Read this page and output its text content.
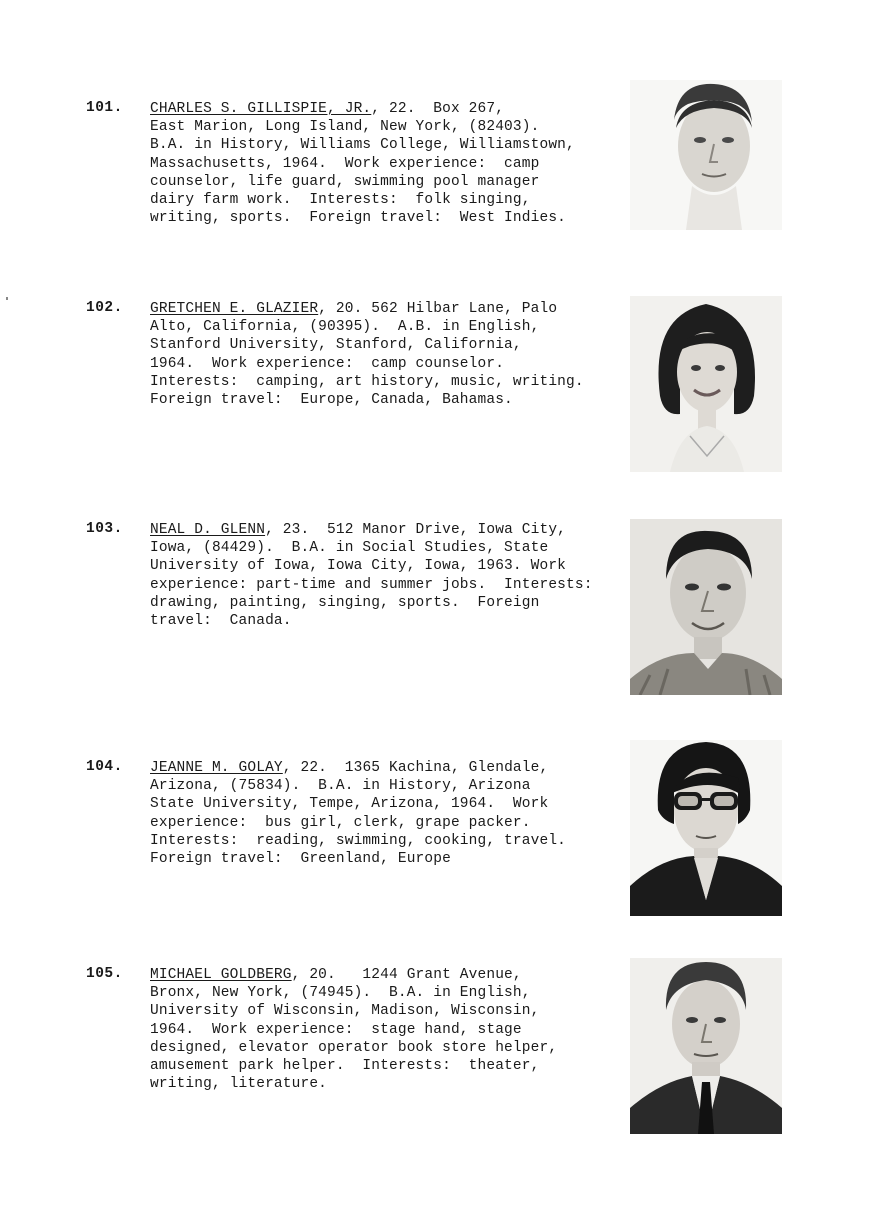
101. CHARLES S. GILLISPIE, JR., 22.  Box 267,
East Marion, Long Island, New York, (82403).
B.A. in History, Williams College, Williamstown,
Massachusetts, 1964.  Work experience:  camp
counselor, life guard, swimming pool manager
dairy farm work.  Interests:  folk singing,
writing, sports.  Foreign travel:  West Indies.
102. GRETCHEN E. GLAZIER, 20. 562 Hilbar Lane, Palo
Alto, California, (90395).  A.B. in English,
Stanford University, Stanford, California,
1964.  Work experience:  camp counselor.
Interests:  camping, art history, music, writing.
Foreign travel:  Europe, Canada, Bahamas.
103. NEAL D. GLENN, 23.  512 Manor Drive, Iowa City,
Iowa, (84429).  B.A. in Social Studies, State
University of Iowa, Iowa City, Iowa, 1963. Work
experience: part-time and summer jobs.  Interests:
drawing, painting, singing, sports.  Foreign
travel:  Canada.
104. JEANNE M. GOLAY, 22.  1365 Kachina, Glendale,
Arizona, (75834).  B.A. in History, Arizona
State University, Tempe, Arizona, 1964.  Work
experience:  bus girl, clerk, grape packer.
Interests:  reading, swimming, cooking, travel.
Foreign travel:  Greenland, Europe
105. MICHAEL GOLDBERG, 20.   1244 Grant Avenue,
Bronx, New York, (74945).  B.A. in English,
University of Wisconsin, Madison, Wisconsin,
1964.  Work experience:  stage hand, stage
designed, elevator operator book store helper,
amusement park helper.  Interests:  theater,
writing, literature.
